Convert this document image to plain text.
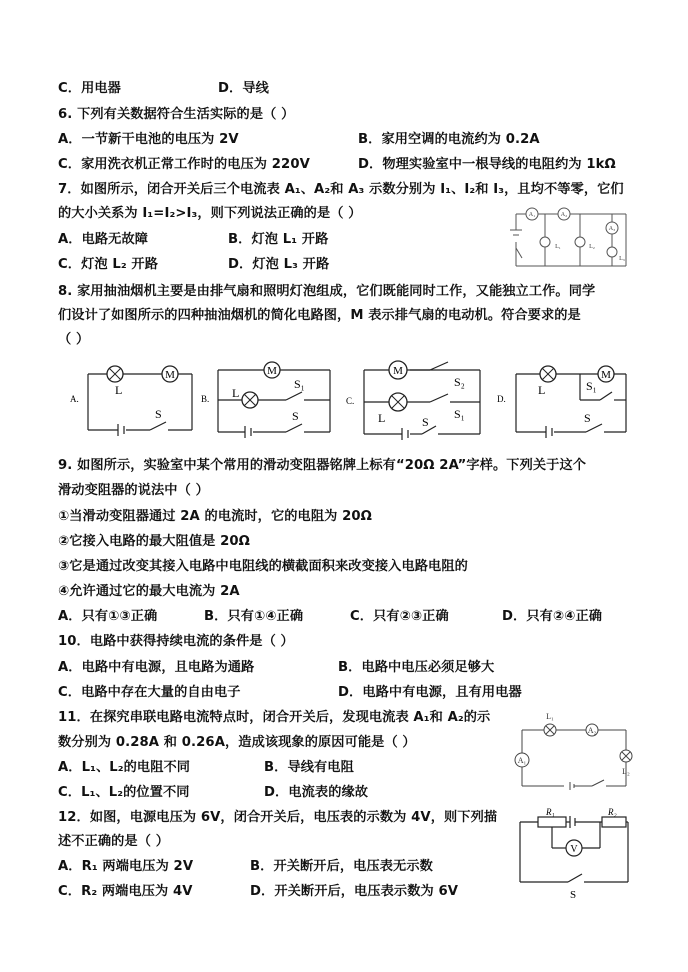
C．用电器	D．导线
6. 下列有关数据符合生活实际的是（ ）
A．一节新干电池的电压为 2V	B．家用空调的电流约为 0.2A
C．家用洗衣机正常工作时的电压为 220V	D．物理实验室中一根导线的电阻约为 1kΩ
7．如图所示，闭合开关后三个电流表 A₁、A₂和 A₃ 示数分别为 I₁、I₂和 I₃，且均不等零，它们
的大小关系为 I₁=I₂>I₃，则下列说法正确的是（ ）
A．电路无故障	B．灯泡 L₁ 开路
C．灯泡 L₂ 开路	D．灯泡 L₃ 开路
A₁	A₂
A₃
L₁	L₂
L₃
8. 家用抽油烟机主要是由排气扇和照明灯泡组成，它们既能同时工作，又能独立工作。同学
们设计了如图所示的四种抽油烟机的简化电路图，M 表示排气扇的电动机。符合要求的是
（ ）
M
L
S
A.
M
L
S₁
S
B.
M
L
S₂
S₁
S
C.
M
L	S₁
S
D.
9. 如图所示，实验室中某个常用的滑动变阻器铭牌上标有“20Ω 2A”字样。下列关于这个
滑动变阻器的说法中（ ）
①当滑动变阻器通过 2A 的电流时，它的电阻为 20Ω
②它接入电路的最大阻值是 20Ω
③它是通过改变其接入电路中电阻线的横截面积来改变接入电路电阻的
④允许通过它的最大电流为 2A
A．只有①③正确	B．只有①④正确	C．只有②③正确	D．只有②④正确
10．电路中获得持续电流的条件是（ ）
A．电路中有电源，且电路为通路	B．电路中电压必须足够大
C．电路中存在大量的自由电子	D．电路中有电源，且有用电器
11．在探究串联电路电流特点时，闭合开关后，发现电流表 A₁和 A₂的示
数分别为 0.28A 和 0.26A，造成该现象的原因可能是（ ）
A．L₁、L₂的电阻不同	B．导线有电阻
C．L₁、L₂的位置不同	D．电流表的缘故
L₁
A₂
A₁
L₂
12．如图，电源电压为 6V，闭合开关后，电压表的示数为 4V，则下列描
述不正确的是（ ）
A．R₁ 两端电压为 2V	B．开关断开后，电压表无示数
C．R₂ 两端电压为 4V	D．开关断开后，电压表示数为 6V
V
R₁	R₂
S
